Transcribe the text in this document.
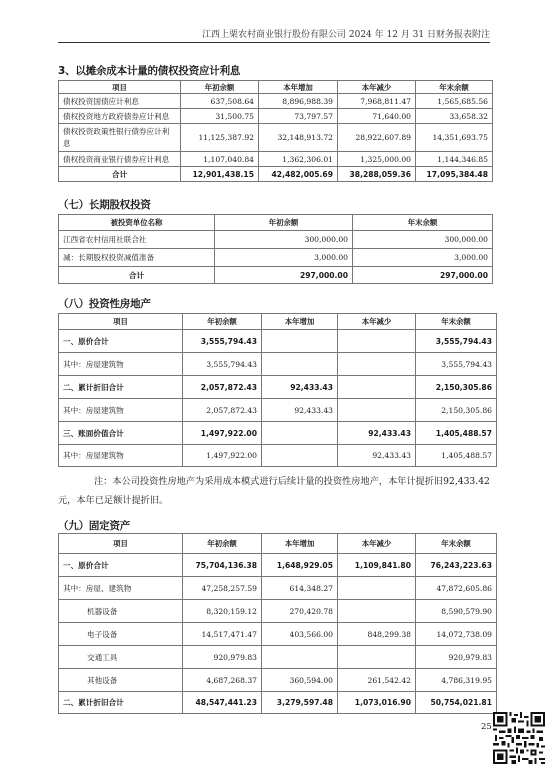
江西上栗农村商业银行股份有限公司 2024 年 12 月 31 日财务报表附注
3、以摊余成本计量的债权投资应计利息
项目	年初余额	本年增加	本年减少	年末余额
债权投资国债应计利息	637,508.64	8,896,988.39	7,968,811.47	1,565,685.56
债权投资地方政府债券应计利息	31,500.75	73,797.57	71,640.00	33,658.32
债权投资政策性银行债券应计利息	11,125,387.92	32,148,913.72	28,922,607.89	14,351,693.75
债权投资商业银行债券应计利息	1,107,040.84	1,362,306.01	1,325,000.00	1,144,346.85
合计	12,901,438.15	42,482,005.69	38,288,059.36	17,095,384.48
（七）长期股权投资
被投资单位名称	年初余额	年末余额
江西省农村信用社联合社	300,000.00	300,000.00
减：长期股权投资减值准备	3,000.00	3,000.00
合计	297,000.00	297,000.00
（八）投资性房地产
项目	年初余额	本年增加	本年减少	年末余额
一、原价合计	3,555,794.43			3,555,794.43
其中：房屋建筑物	3,555,794.43			3,555,794.43
二、累计折旧合计	2,057,872.43	92,433.43		2,150,305.86
其中：房屋建筑物	2,057,872.43	92,433.43		2,150,305.86
三、账面价值合计	1,497,922.00		92,433.43	1,405,488.57
其中：房屋建筑物	1,497,922.00		92,433.43	1,405,488.57
注：本公司投资性房地产为采用成本模式进行后续计量的投资性房地产，本年计提折旧92,433.42元，本年已足额计提折旧。
（九）固定资产
项目	年初余额	本年增加	本年减少	年末余额
一、原价合计	75,704,136.38	1,648,929.05	1,109,841.80	76,243,223.63
其中：房屋、建筑物	47,258,257.59	614,348.27		47,872,605.86
机器设备	8,320,159.12	270,420.78		8,590,579.90
电子设备	14,517,471.47	403,566.00	848,299.38	14,072,738.09
交通工具	920,979.83			920,979.83
其他设备	4,687,268.37	360,594.00	261,542.42	4,786,319.95
二、累计折旧合计	48,547,441.23	3,279,597.48	1,073,016.90	50,754,021.81
25
